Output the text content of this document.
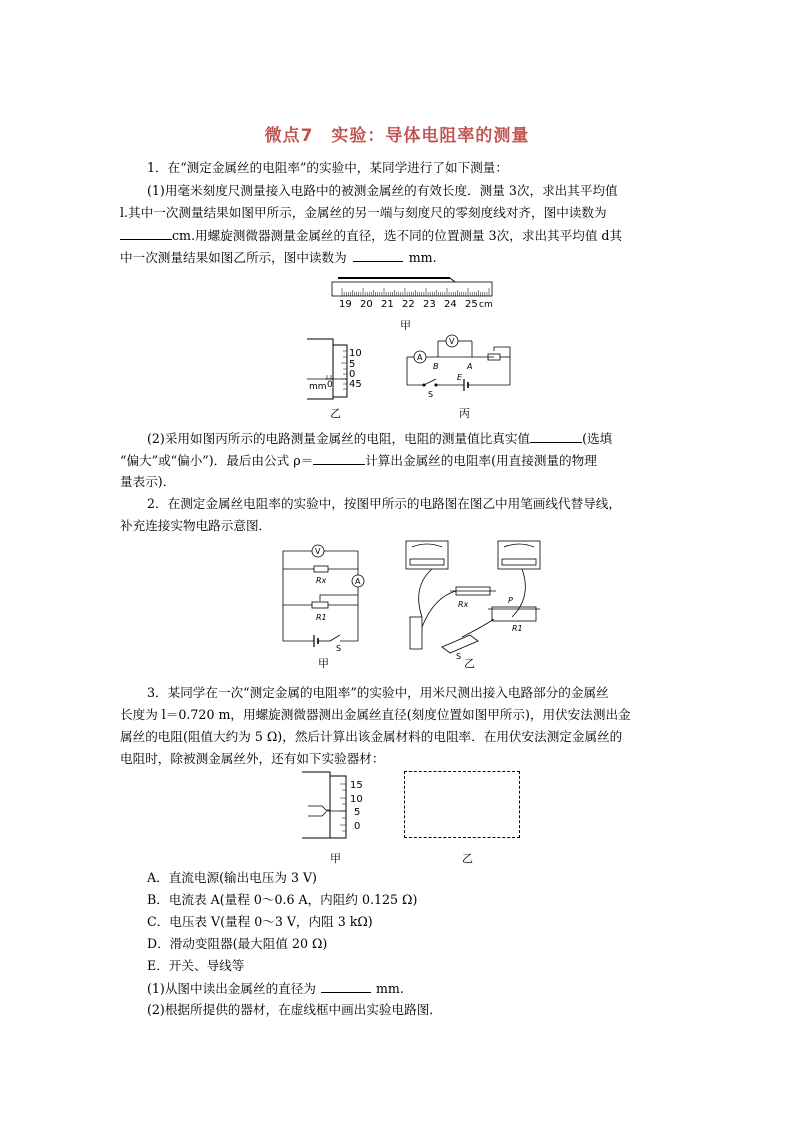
微点7　实验：导体电阻率的测量
1．在“测定金属丝的电阻率”的实验中，某同学进行了如下测量：
(1)用毫米刻度尺测量接入电路中的被测金属丝的有效长度．测量 3次，求出其平均值
l.其中一次测量结果如图甲所示，金属丝的另一端与刻度尺的零刻度线对齐，图中读数为
cm.用螺旋测微器测量金属丝的直径，选不同的位置测量 3次，求出其平均值 d其
中一次测量结果如图乙所示，图中读数为	mm.
19 20 21 22 23 24 25 cm
甲
10
5
0
45
mm 0
乙
A
V
B	A
E
S
丙
(2)采用如图丙所示的电路测量金属丝的电阻，电阻的测量值比真实值	(选填
“偏大”或“偏小”)．最后由公式 ρ＝	计算出金属丝的电阻率(用直接测量的物理
量表示)．
2．在测定金属丝电阻率的实验中，按图甲所示的电路图在图乙中用笔画线代替导线，
补充连接实物电路示意图．
V
A
Rx
R1
S
甲
Rx	P
R1
S
乙
3．某同学在一次“测定金属的电阻率”的实验中，用米尺测出接入电路部分的金属丝
长度为 l＝0.720 m，用螺旋测微器测出金属丝直径(刻度位置如图甲所示)，用伏安法测出金
属丝的电阻(阻值大约为 5 Ω)，然后计算出该金属材料的电阻率．在用伏安法测定金属丝的
电阻时，除被测金属丝外，还有如下实验器材：
15
10
5
0
甲	乙
A．直流电源(输出电压为 3 V)
B．电流表 A(量程 0～0.6 A，内阻约 0.125 Ω)
C．电压表 V(量程 0～3 V，内阻 3 kΩ)
D．滑动变阻器(最大阻值 20 Ω)
E．开关、导线等
(1)从图中读出金属丝的直径为	mm.
(2)根据所提供的器材，在虚线框中画出实验电路图．
